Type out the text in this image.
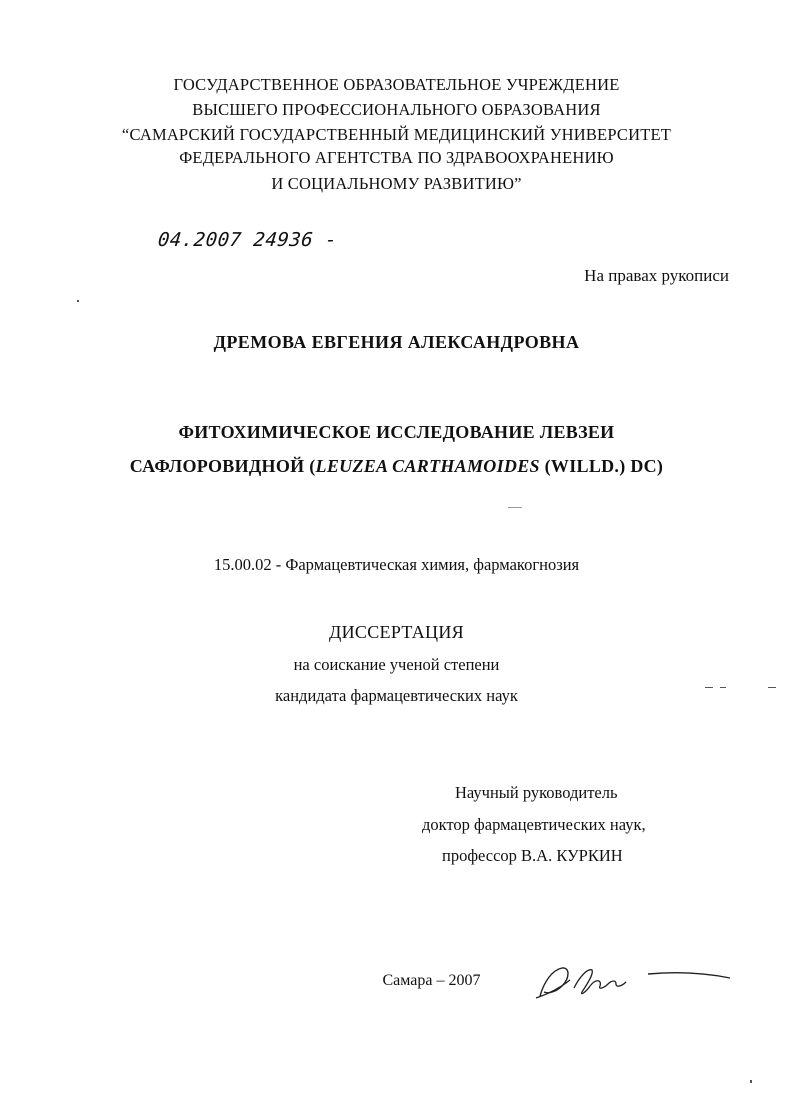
ГОСУДАРСТВЕННОЕ ОБРАЗОВАТЕЛЬНОЕ УЧРЕЖДЕНИЕ
ВЫСШЕГО ПРОФЕССИОНАЛЬНОГО ОБРАЗОВАНИЯ
“САМАРСКИЙ ГОСУДАРСТВЕННЫЙ МЕДИЦИНСКИЙ УНИВЕРСИТЕТ
ФЕДЕРАЛЬНОГО АГЕНТСТВА ПО ЗДРАВООХРАНЕНИЮ
И СОЦИАЛЬНОМУ РАЗВИТИЮ”
04.2007 24936 -
На правах рукописи
ДРЕМОВА ЕВГЕНИЯ АЛЕКСАНДРОВНА
ФИТОХИМИЧЕСКОЕ ИССЛЕДОВАНИЕ ЛЕВЗЕИ
САФЛОРОВИДНОЙ (LEUZEA CARTHAMOIDES (WILLD.) DC)
15.00.02 - Фармацевтическая химия, фармакогнозия
ДИССЕРТАЦИЯ
на соискание ученой степени
кандидата фармацевтических наук
Научный руководитель
доктор фармацевтических наук,
профессор В.А. КУРКИН
Самара – 2007
